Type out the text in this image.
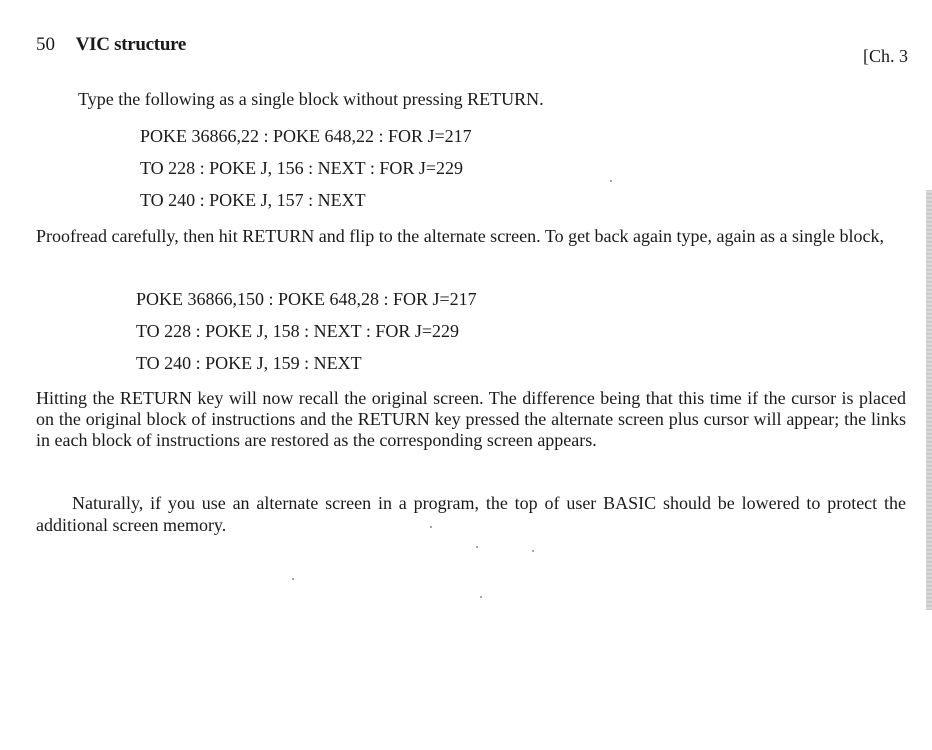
50 VIC structure
[Ch. 3
Type the following as a single block without pressing RETURN.
POKE 36866,22 : POKE 648,22 : FOR J=217
TO 228 : POKE J, 156 : NEXT : FOR J=229
TO 240 : POKE J, 157 : NEXT
Proofread carefully, then hit RETURN and flip to the alternate screen. To get back again type, again as a single block,
POKE 36866,150 : POKE 648,28 : FOR J=217
TO 228 : POKE J, 158 : NEXT : FOR J=229
TO 240 : POKE J, 159 : NEXT
Hitting the RETURN key will now recall the original screen. The difference being that this time if the cursor is placed on the original block of instructions and the RETURN key pressed the alternate screen plus cursor will appear; the links in each block of instructions are restored as the corresponding screen appears.
Naturally, if you use an alternate screen in a program, the top of user BASIC should be lowered to protect the additional screen memory.
